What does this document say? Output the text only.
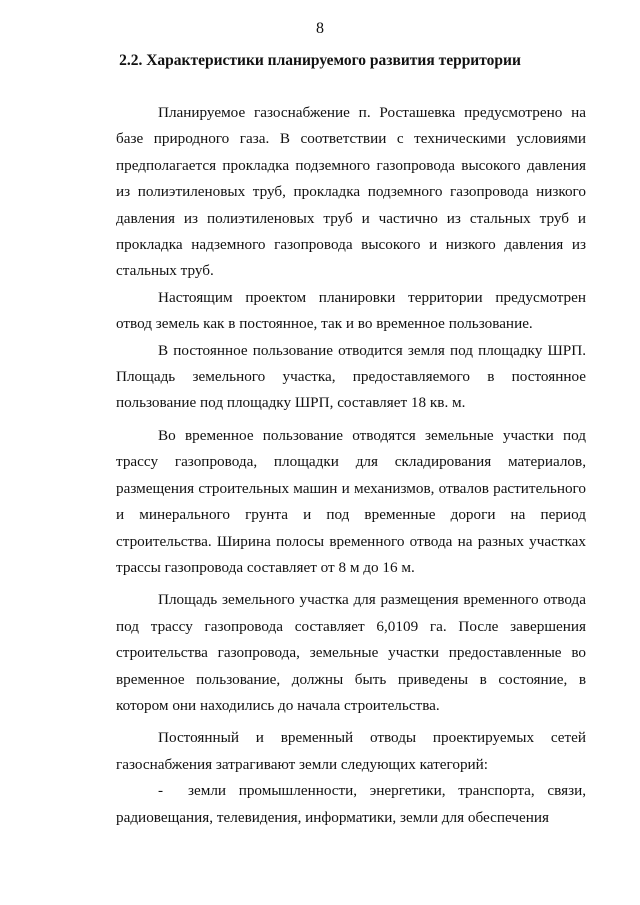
8
2.2. Характеристики планируемого развития территории

Планируемое газоснабжение п. Росташевка предусмотрено на базе природного газа. В соответствии с техническими условиями предполагается прокладка подземного газопровода высокого давления из полиэтиленовых труб, прокладка подземного газопровода низкого давления из полиэтиленовых труб и частично из стальных труб и прокладка надземного газопровода высокого и низкого давления из стальных труб.

Настоящим проектом планировки территории предусмотрен отвод земель как в постоянное, так и во временное пользование.

В постоянное пользование отводится земля под площадку ШРП. Площадь земельного участка, предоставляемого в постоянное пользование под площадку ШРП, составляет 18 кв. м.

Во временное пользование отводятся земельные участки под трассу газопровода, площадки для складирования материалов, размещения строительных машин и механизмов, отвалов растительного и минерального грунта и под временные дороги на период строительства. Ширина полосы временного отвода на разных участках трассы газопровода составляет от 8 м до 16 м.

Площадь земельного участка для размещения временного отвода под трассу газопровода составляет 6,0109 га. После завершения строительства газопровода, земельные участки предоставленные во временное пользование, должны быть приведены в состояние, в котором они находились до начала строительства.

Постоянный и временный отводы проектируемых сетей газоснабжения затрагивают земли следующих категорий:

- земли промышленности, энергетики, транспорта, связи, радиовещания, телевидения, информатики, земли для обеспечения
